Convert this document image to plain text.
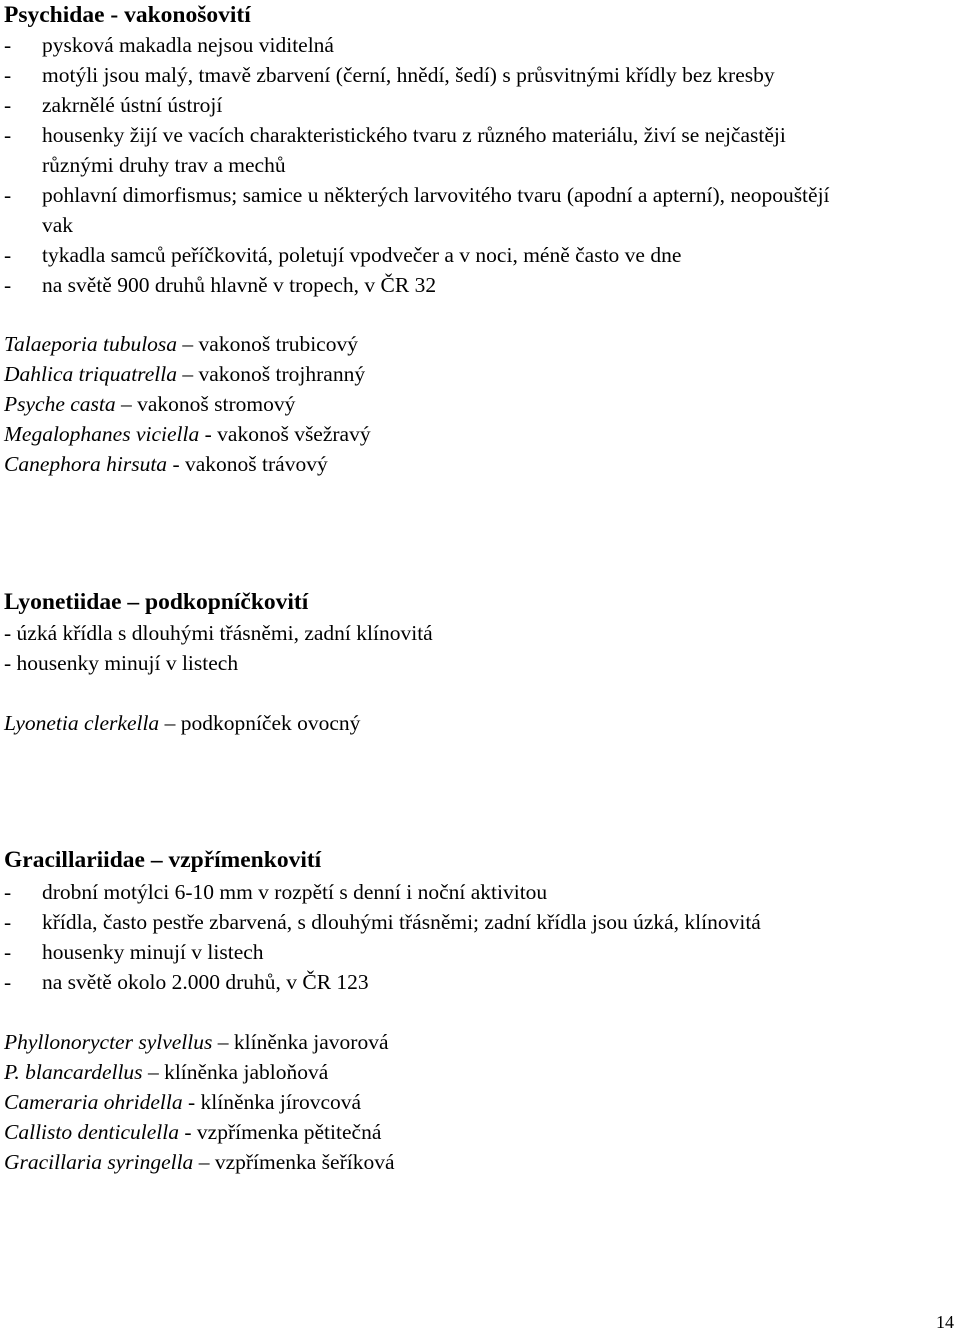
Psychidae - vakonošovití
- pysková makadla nejsou viditelná
- motýli jsou malý, tmavě zbarvení (černí, hnědí, šedí) s průsvitnými křídly bez kresby
- zakrnělé ústní ústrojí
- housenky žijí ve vacích charakteristického tvaru z různého materiálu, živí se nejčastěji
různými druhy trav a mechů
- pohlavní dimorfismus; samice u některých larvovitého tvaru (apodní a apterní), neopouštějí
vak
- tykadla samců peříčkovitá, poletují vpodvečer a v noci, méně často ve dne
- na světě 900 druhů hlavně v tropech, v ČR 32
Talaeporia tubulosa – vakonoš trubicový
Dahlica triquatrella – vakonoš trojhranný
Psyche casta – vakonoš stromový
Megalophanes viciella - vakonoš všežravý
Canephora hirsuta - vakonoš trávový
Lyonetiidae – podkopníčkovití
- úzká křídla s dlouhými třásněmi, zadní klínovitá
- housenky minují v listech
Lyonetia clerkella – podkopníček ovocný
Gracillariidae – vzpřímenkovití
- drobní motýlci 6-10 mm v rozpětí s denní i noční aktivitou
- křídla, často pestře zbarvená, s dlouhými třásněmi; zadní křídla jsou úzká, klínovitá
- housenky minují v listech
- na světě okolo 2.000 druhů, v ČR 123
Phyllonorycter sylvellus – klíněnka javorová
P. blancardellus – klíněnka jabloňová
Cameraria ohridella - klíněnka jírovcová
Callisto denticulella - vzpřímenka pětitečná
Gracillaria syringella – vzpřímenka šeříková
14
